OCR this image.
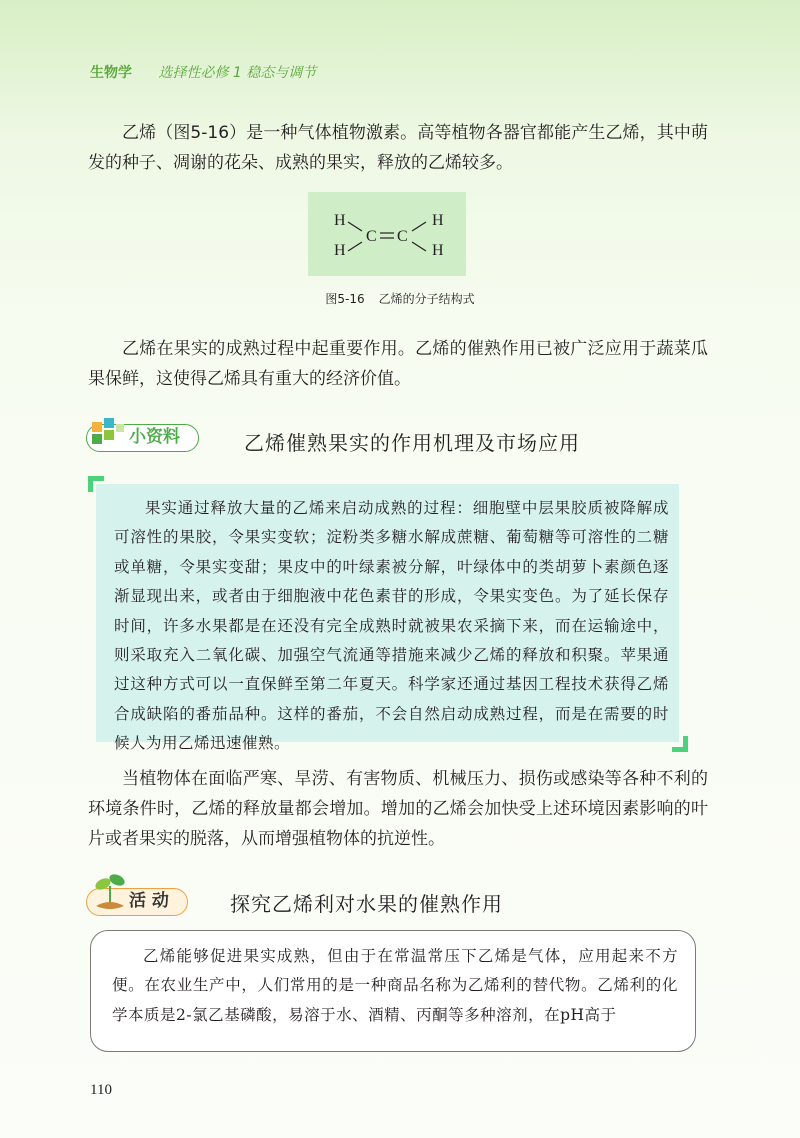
生物学 选择性必修 1 稳态与调节

乙烯（图5-16）是一种气体植物激素。高等植物各器官都能产生乙烯，其中萌发的种子、凋谢的花朵、成熟的果实，释放的乙烯较多。

H
H
H
H
C C
图5-16 乙烯的分子结构式

乙烯在果实的成熟过程中起重要作用。乙烯的催熟作用已被广泛应用于蔬菜瓜果保鲜，这使得乙烯具有重大的经济价值。

小资料	乙烯催熟果实的作用机理及市场应用

果实通过释放大量的乙烯来启动成熟的过程：细胞壁中层果胶质被降解成可溶性的果胶，令果实变软；淀粉类多糖水解成蔗糖、葡萄糖等可溶性的二糖或单糖，令果实变甜；果皮中的叶绿素被分解，叶绿体中的类胡萝卜素颜色逐渐显现出来，或者由于细胞液中花色素苷的形成，令果实变色。为了延长保存时间，许多水果都是在还没有完全成熟时就被果农采摘下来，而在运输途中，则采取充入二氧化碳、加强空气流通等措施来减少乙烯的释放和积聚。苹果通过这种方式可以一直保鲜至第二年夏天。科学家还通过基因工程技术获得乙烯合成缺陷的番茄品种。这样的番茄，不会自然启动成熟过程，而是在需要的时候人为用乙烯迅速催熟。

当植物体在面临严寒、旱涝、有害物质、机械压力、损伤或感染等各种不利的环境条件时，乙烯的释放量都会增加。增加的乙烯会加快受上述环境因素影响的叶片或者果实的脱落，从而增强植物体的抗逆性。

活 动	探究乙烯利对水果的催熟作用

乙烯能够促进果实成熟，但由于在常温常压下乙烯是气体，应用起来不方便。在农业生产中，人们常用的是一种商品名称为乙烯利的替代物。乙烯利的化学本质是2-氯乙基磷酸，易溶于水、酒精、丙酮等多种溶剂，在pH高于

110
